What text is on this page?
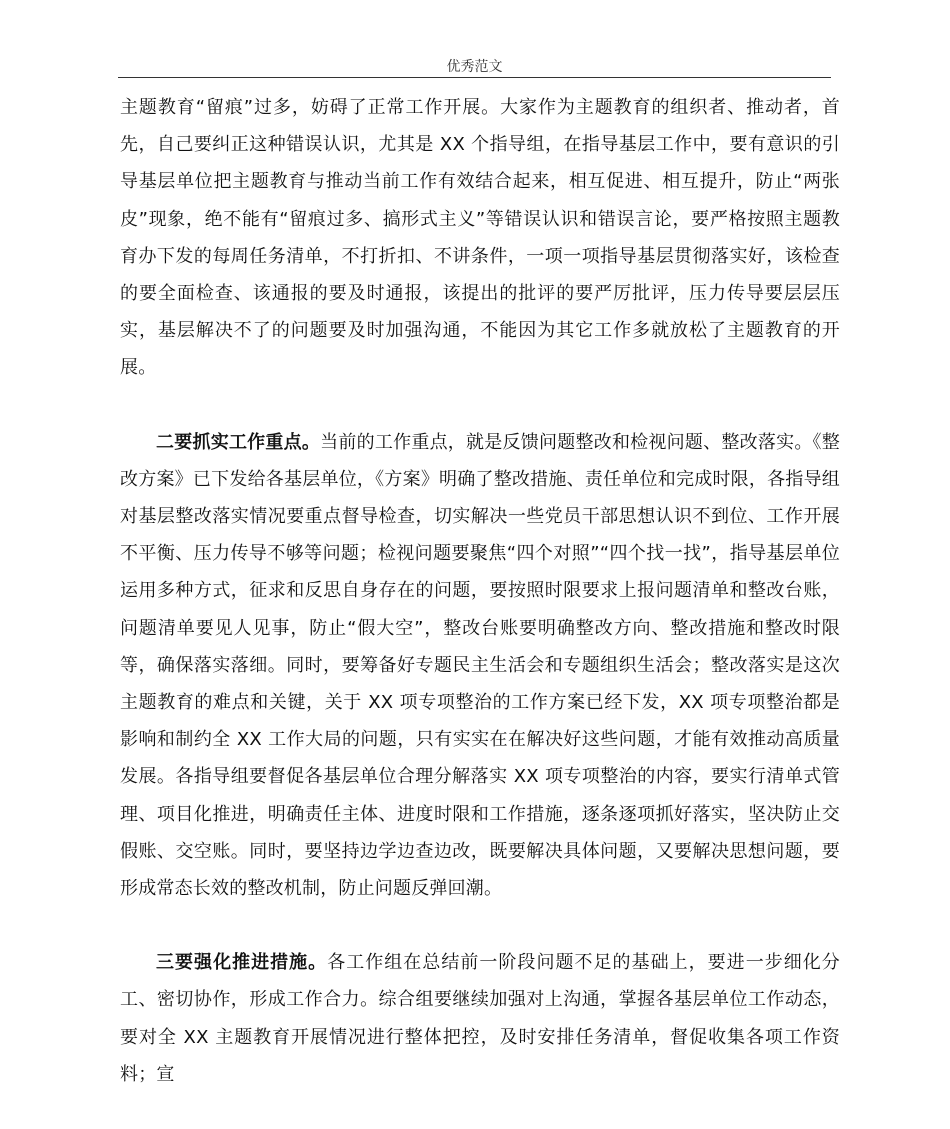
优秀范文

主题教育“留痕”过多，妨碍了正常工作开展。大家作为主题教育的组织者、推动者，首先，自己要纠正这种错误认识，尤其是 XX 个指导组，在指导基层工作中，要有意识的引导基层单位把主题教育与推动当前工作有效结合起来，相互促进、相互提升，防止“两张皮”现象，绝不能有“留痕过多、搞形式主义”等错误认识和错误言论，要严格按照主题教育办下发的每周任务清单，不打折扣、不讲条件，一项一项指导基层贯彻落实好，该检查的要全面检查、该通报的要及时通报，该提出的批评的要严厉批评，压力传导要层层压实，基层解决不了的问题要及时加强沟通，不能因为其它工作多就放松了主题教育的开展。

二要抓实工作重点。当前的工作重点，就是反馈问题整改和检视问题、整改落实。《整改方案》已下发给各基层单位，《方案》明确了整改措施、责任单位和完成时限，各指导组对基层整改落实情况要重点督导检查，切实解决一些党员干部思想认识不到位、工作开展不平衡、压力传导不够等问题；检视问题要聚焦“四个对照”“四个找一找”，指导基层单位运用多种方式，征求和反思自身存在的问题，要按照时限要求上报问题清单和整改台账，问题清单要见人见事，防止“假大空”，整改台账要明确整改方向、整改措施和整改时限等，确保落实落细。同时，要筹备好专题民主生活会和专题组织生活会；整改落实是这次主题教育的难点和关键，关于 XX 项专项整治的工作方案已经下发，XX 项专项整治都是影响和制约全 XX 工作大局的问题，只有实实在在解决好这些问题，才能有效推动高质量发展。各指导组要督促各基层单位合理分解落实 XX 项专项整治的内容，要实行清单式管理、项目化推进，明确责任主体、进度时限和工作措施，逐条逐项抓好落实，坚决防止交假账、交空账。同时，要坚持边学边查边改，既要解决具体问题，又要解决思想问题，要形成常态长效的整改机制，防止问题反弹回潮。

三要强化推进措施。各工作组在总结前一阶段问题不足的基础上，要进一步细化分工、密切协作，形成工作合力。综合组要继续加强对上沟通，掌握各基层单位工作动态，要对全 XX 主题教育开展情况进行整体把控，及时安排任务清单，督促收集各项工作资料；宣
